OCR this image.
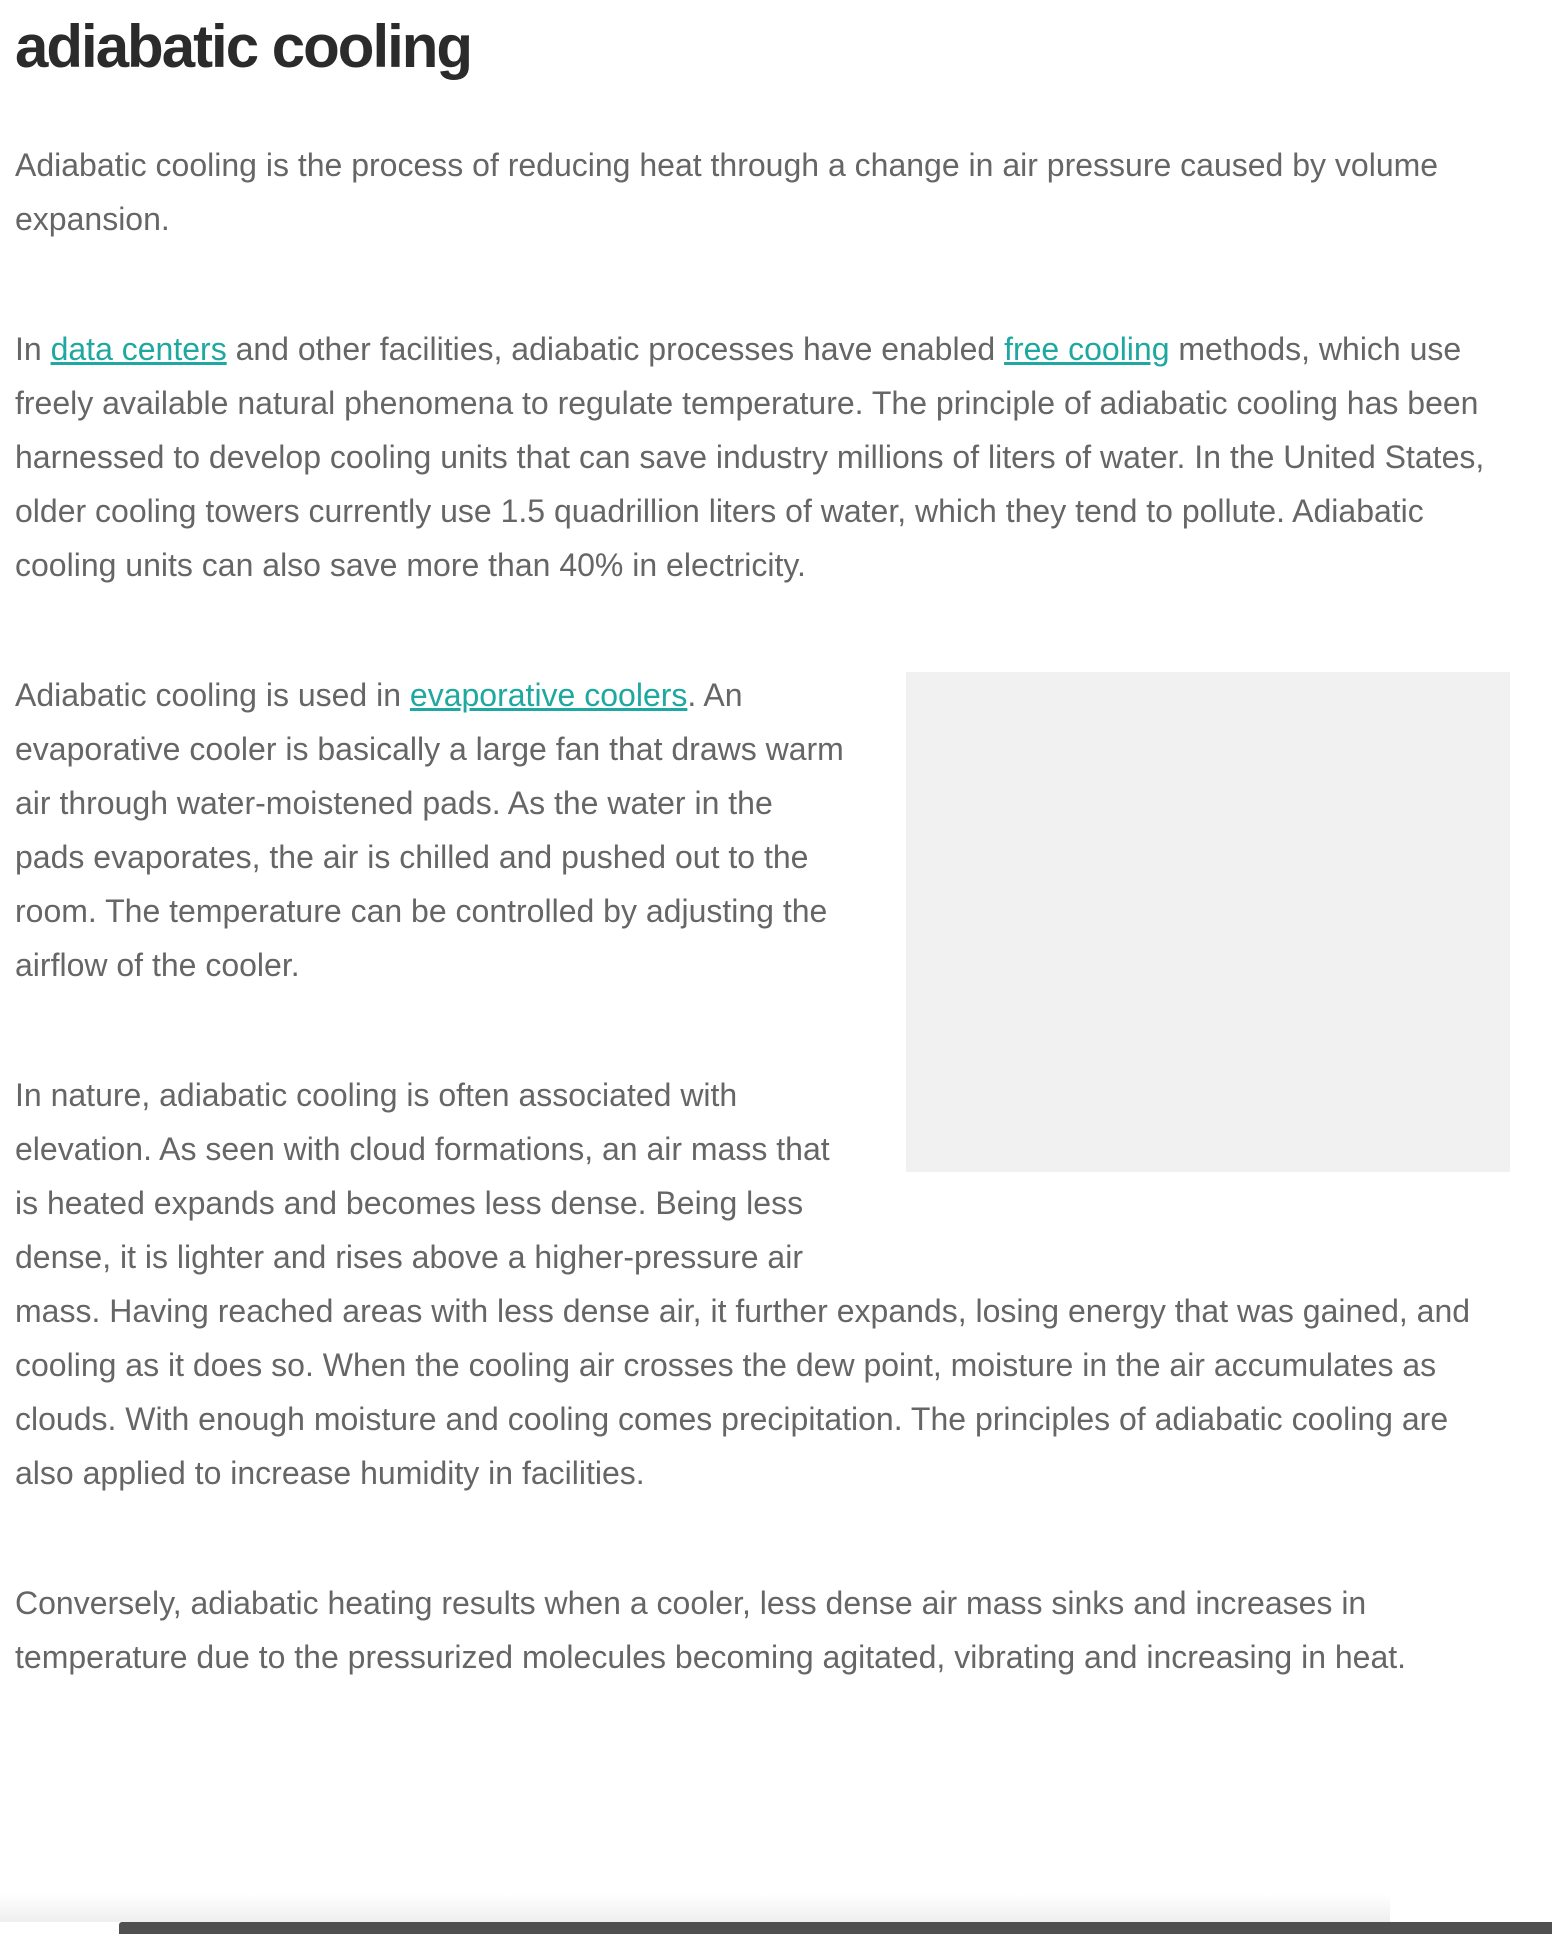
adiabatic cooling

Adiabatic cooling is the process of reducing heat through a change in air pressure caused by volume expansion.

In data centers and other facilities, adiabatic processes have enabled free cooling methods, which use freely available natural phenomena to regulate temperature. The principle of adiabatic cooling has been harnessed to develop cooling units that can save industry millions of liters of water. In the United States, older cooling towers currently use 1.5 quadrillion liters of water, which they tend to pollute. Adiabatic cooling units can also save more than 40% in electricity.

Adiabatic cooling is used in evaporative coolers. An evaporative cooler is basically a large fan that draws warm air through water-moistened pads. As the water in the pads evaporates, the air is chilled and pushed out to the room. The temperature can be controlled by adjusting the airflow of the cooler.

In nature, adiabatic cooling is often associated with elevation. As seen with cloud formations, an air mass that is heated expands and becomes less dense. Being less dense, it is lighter and rises above a higher-pressure air mass. Having reached areas with less dense air, it further expands, losing energy that was gained, and cooling as it does so. When the cooling air crosses the dew point, moisture in the air accumulates as clouds. With enough moisture and cooling comes precipitation. The principles of adiabatic cooling are also applied to increase humidity in facilities.

Conversely, adiabatic heating results when a cooler, less dense air mass sinks and increases in temperature due to the pressurized molecules becoming agitated, vibrating and increasing in heat.
